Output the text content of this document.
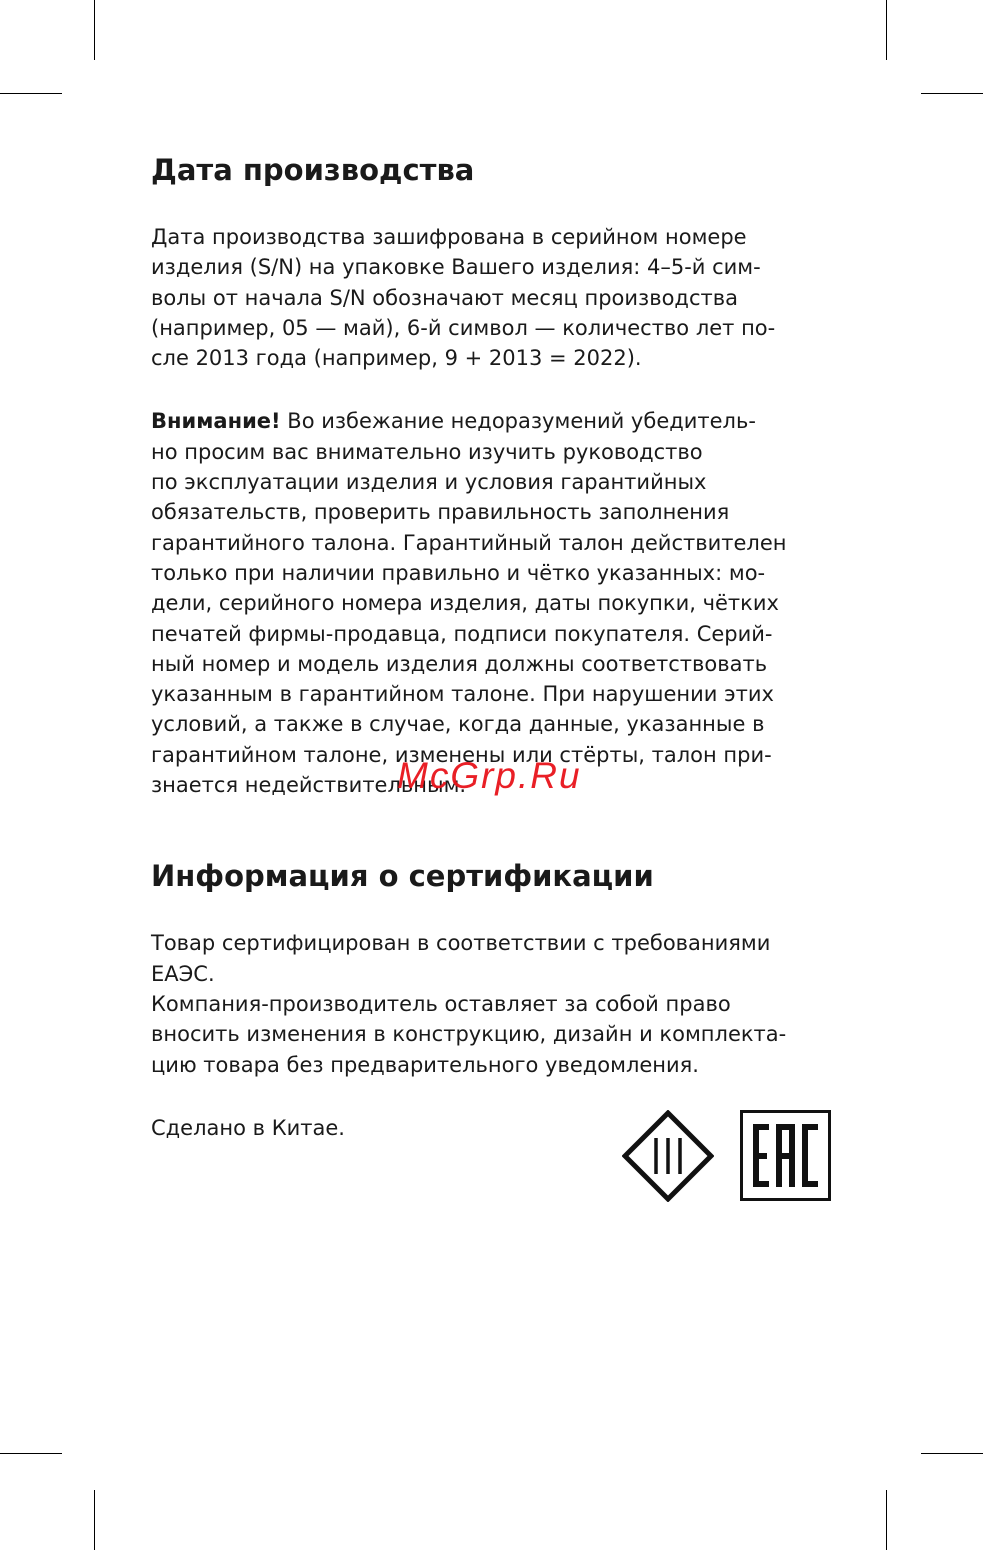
Дата производства

Дата производства зашифрована в серийном номере

изделия (S/N) на упаковке Вашего изделия: 4–5-й сим-

волы от начала S/N обозначают месяц производства

(например, 05 — май), 6-й символ — количество лет по-

сле 2013 года (например, 9 + 2013 = 2022).

Внимание! Во избежание недоразумений убедитель-

но просим вас внимательно изучить руководство

по эксплуатации изделия и условия гарантийных

обязательств, проверить правильность заполнения

гарантийного талона. Гарантийный талон действителен

только при наличии правильно и чётко указанных: мо-

дели, серийного номера изделия, даты покупки, чётких

печатей фирмы-продавца, подписи покупателя. Серий-

ный номер и модель изделия должны соответствовать

указанным в гарантийном талоне. При нарушении этих

условий, а также в случае, когда данные, указанные в

гарантийном талоне, изменены или стёрты, талон при-

знается недействительным.

Информация о сертификации

Товар сертифицирован в соответствии с требованиями

ЕАЭС.

Компания-производитель оставляет за собой право

вносить изменения в конструкцию, дизайн и комплекта-

цию товара без предварительного уведомления.

Сделано в Китае.

McGrp.Ru
